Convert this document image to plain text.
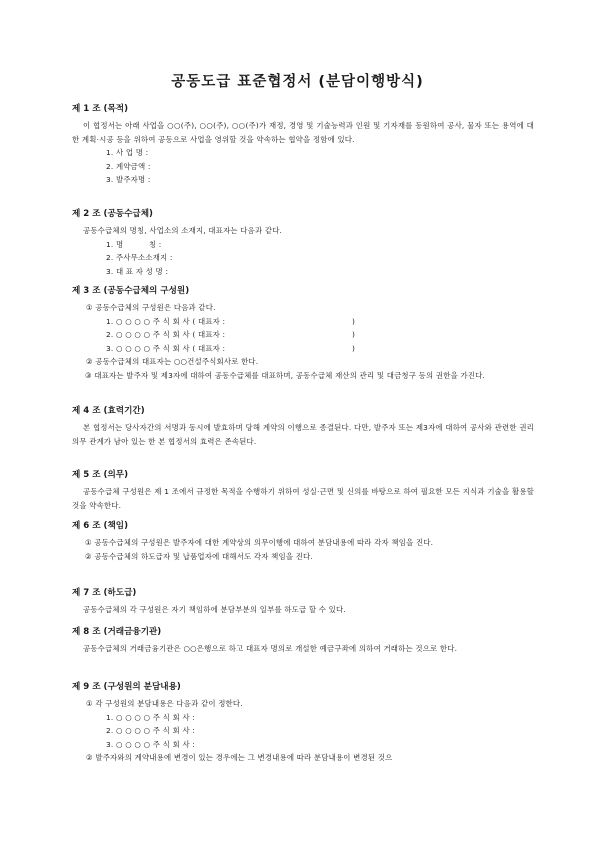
공동도급 표준협정서 (분담이행방식)
제 1 조 (목적)
이 협정서는 아래 사업을 ○○(주), ○○(주), ○○(주)가 재정, 경영 및 기술능력과 인원 및 기자재를 동원하여 공사, 물자 또는 용역에 대한 계획·시공 등을 위하여 공동으로 사업을 영위할 것을 약속하는 협약을 정함에 있다.
1. 사 업 명 :
2. 계약금액 :
3. 발주자명 :
제 2 조 (공동수급체)
공동수급체의 명칭, 사업소의 소재지, 대표자는 다음과 같다.
1. 명          칭 :
2. 주사무소소재지 :
3. 대 표 자 성 명 :
제 3 조 (공동수급체의 구성원)
① 공동수급체의 구성원은 다음과 같다.
1. ○ ○ ○ ○ 주 식 회 사 ( 대표자 :	)
2. ○ ○ ○ ○ 주 식 회 사 ( 대표자 :	)
3. ○ ○ ○ ○ 주 식 회 사 ( 대표자 :	)
② 공동수급체의 대표자는 ○○건설주식회사로 한다.
③ 대표자는 발주자 및 제3자에 대하여 공동수급체를 대표하며, 공동수급체 재산의 관리 및 대금청구 등의 권한을 가진다.
제 4 조 (효력기간)
본 협정서는 당사자간의 서명과 동시에 발효하며 당해 계약의 이행으로 종결된다. 다만, 발주자 또는 제3자에 대하여 공사와 관련한 권리의무 관계가 남아 있는 한 본 협정서의 효력은 존속된다.
제 5 조 (의무)
공동수급체 구성원은 제 1 조에서 규정한 목적을 수행하기 위하여 성실·근면 및 신의를 바탕으로 하여 필요한 모든 지식과 기술을 활용할 것을 약속한다.
제 6 조 (책임)
① 공동수급체의 구성원은 발주자에 대한 계약상의 의무이행에 대하여 분담내용에 따라 각자 책임을 진다.
② 공동수급체의 하도급자 및 납품업자에 대해서도 각자 책임을 진다.
제 7 조 (하도급)
공동수급체의 각 구성원은 자기 책임하에 분담부분의 일부를 하도급 할 수 있다.
제 8 조 (거래금융기관)
공동수급체의 거래금융기관은 ○○은행으로 하고 대표자 명의로 개설한 예금구좌에 의하여 거래하는 것으로 한다.
제 9 조 (구성원의 분담내용)
① 각 구성원의 분담내용은 다음과 같이 정한다.
1. ○ ○ ○ ○ 주 식 회 사 :
2. ○ ○ ○ ○ 주 식 회 사 :
3. ○ ○ ○ ○ 주 식 회 사 :
② 발주자와의 계약내용에 변경이 있는 경우에는 그 변경내용에 따라 분담내용이 변경된 것으
